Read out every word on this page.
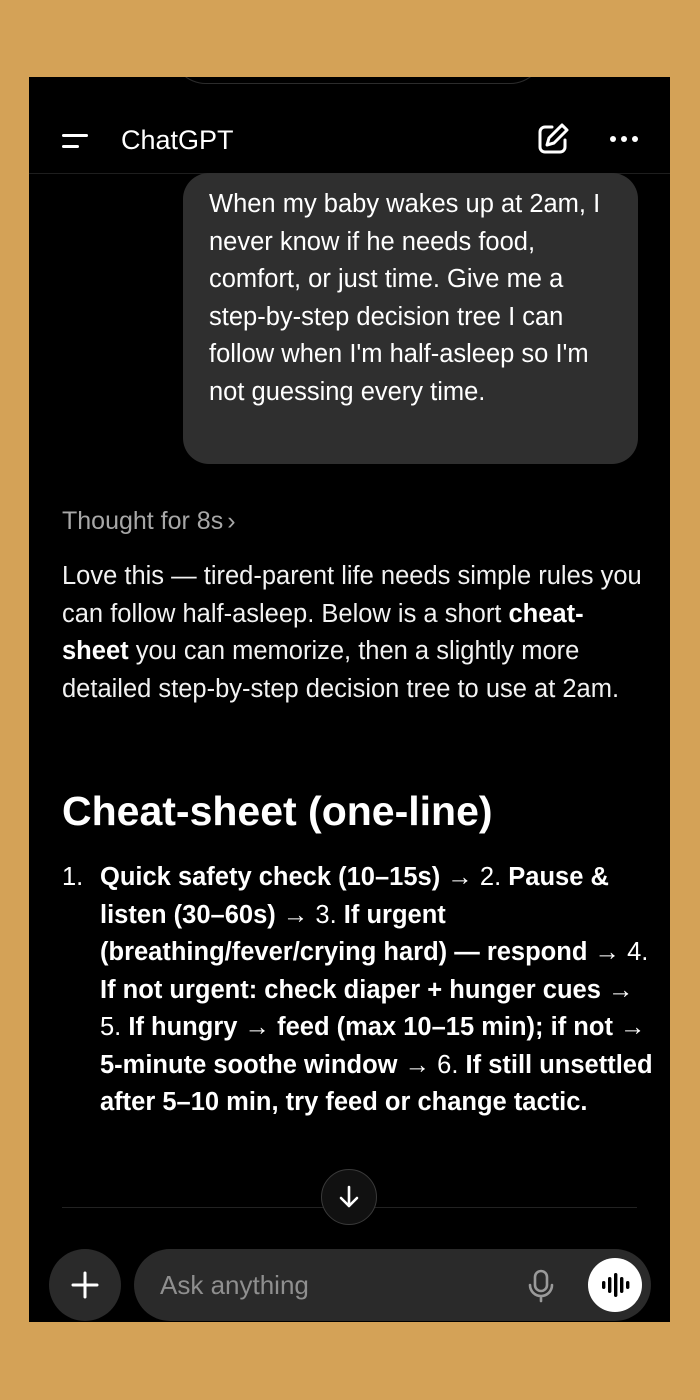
ChatGPT
When my baby wakes up at 2am, I never know if he needs food, comfort, or just time. Give me a step-by-step decision tree I can follow when I'm half-asleep so I'm not guessing every time.
Thought for 8s ›
Love this — tired-parent life needs simple rules you can follow half-asleep. Below is a short cheat-sheet you can memorize, then a slightly more detailed step-by-step decision tree to use at 2am.
Cheat-sheet (one-line)
1. Quick safety check (10–15s) → 2. Pause & listen (30–60s) → 3. If urgent (breathing/fever/crying hard) — respond → 4. If not urgent: check diaper + hunger cues → 5. If hungry → feed (max 10–15 min); if not → 5-minute soothe window → 6. If still unsettled after 5–10 min, try feed or change tactic.
Ask anything
